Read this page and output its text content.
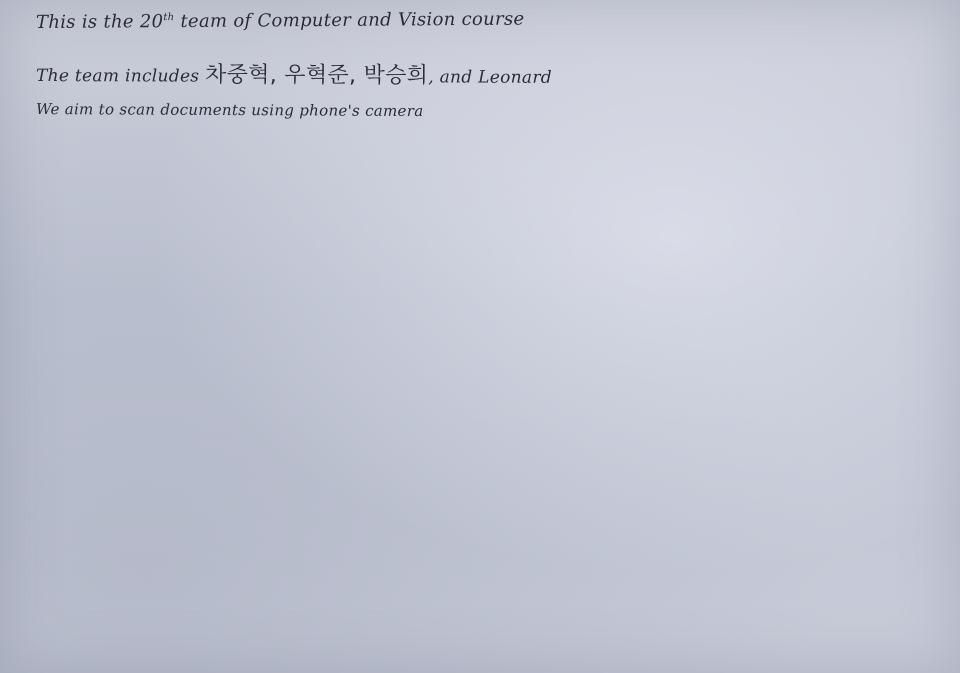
This is the 20th team of Computer and Vision course

The team includes 차중혁, 우혁준, 박승희, and Leonard

We aim to scan documents using phone's camera
